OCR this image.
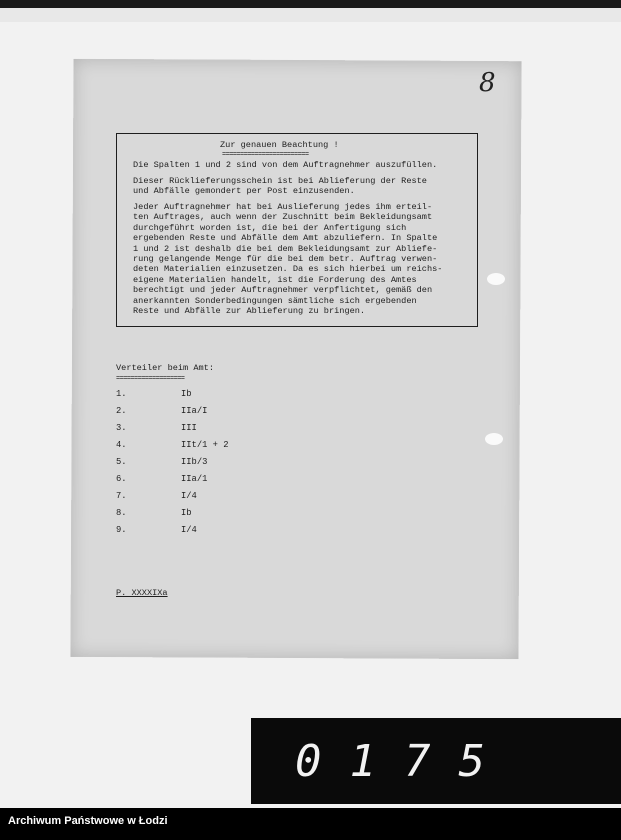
8
Zur genauen Beachtung !
========================
Die Spalten 1 und 2 sind von dem Auftragnehmer auszufüllen.
Dieser Rücklieferungsschein ist bei Ablieferung der Reste
und Abfälle gemondert per Post einzusenden.
Jeder Auftragnehmer hat bei Auslieferung jedes ihm erteil-
ten Auftrages, auch wenn der Zuschnitt beim Bekleidungsamt
durchgeführt worden ist, die bei der Anfertigung sich
ergebenden Reste und Abfälle dem Amt abzuliefern. In Spalte
1 und 2 ist deshalb die bei dem Bekleidungsamt zur Abliefe-
rung gelangende Menge für die bei dem betr. Auftrag verwen-
deten Materialien einzusetzen. Da es sich hierbei um reichs-
eigene Materialien handelt, ist die Forderung des Amtes
berechtigt und jeder Auftragnehmer verpflichtet, gemäß den
anerkannten Sonderbedingungen sämtliche sich ergebenden
Reste und Abfälle zur Ablieferung zu bringen.
Verteiler beim Amt:
===================
1.	Ib
2.	IIa/I
3.	III
4.	IIt/1 + 2
5.	IIb/3
6.	IIa/1
7.	I/4
8.	Ib
9.	I/4
P. XXXXIXa
0175
Archiwum Państwowe w Łodzi
